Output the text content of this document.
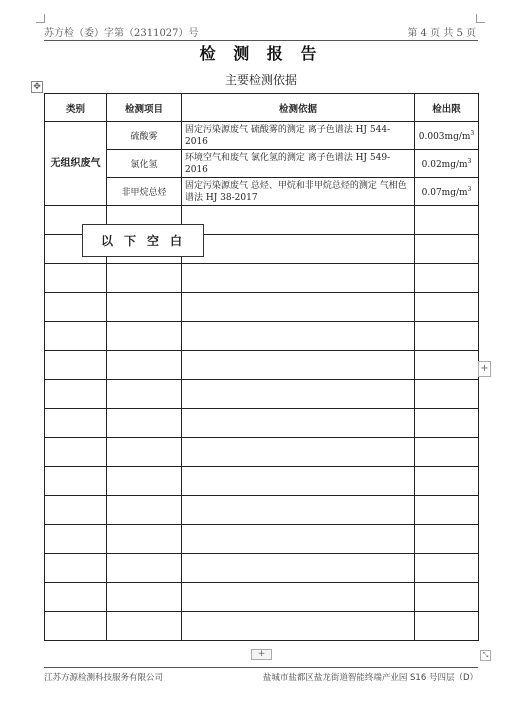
苏方检（委）字第（2311027）号	第 4 页 共 5 页
检 测 报 告
主要检测依据
✥
类别	检测项目	检测依据	检出限
无组织废气	硫酸雾	固定污染源废气 硫酸雾的测定 离子色谱法 HJ 544-2016	$0.003mg/m^3$
	氯化氢	环境空气和废气 氯化氢的测定 离子色谱法 HJ 549-2016	$0.02mg/m^3$
	非甲烷总烃	固定污染源废气 总烃、甲烷和非甲烷总烃的测定 气相色谱法 HJ 38-2017	$0.07mg/m^3$

以下空白
+
+	⤡
江苏方源检测科技服务有限公司	盐城市盐都区盐龙街道智能终端产业园 S16 号四层（D）
